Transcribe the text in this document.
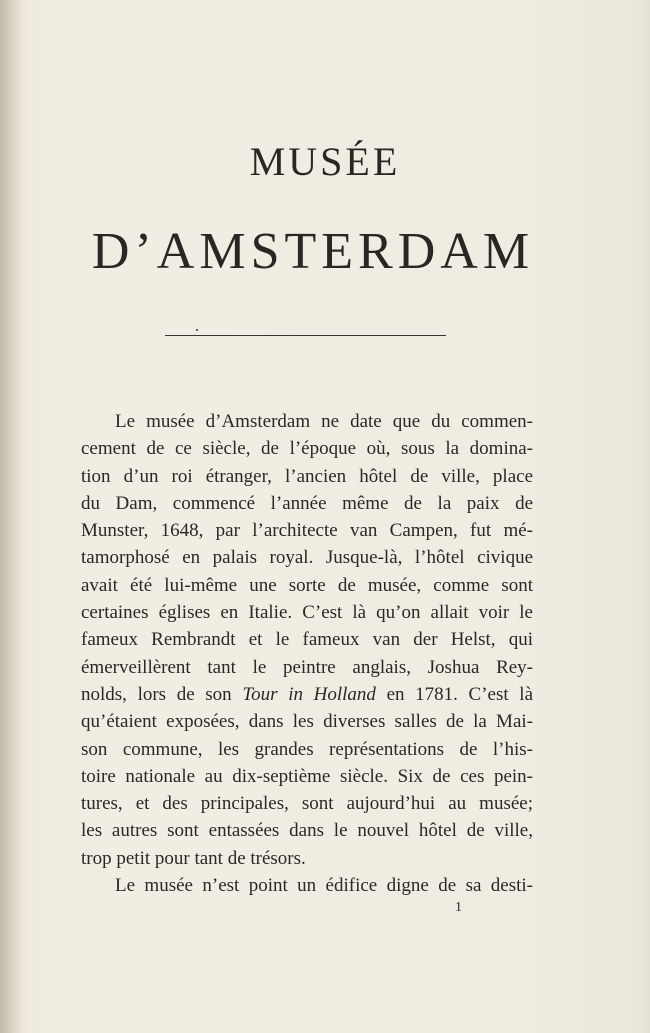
MUSÉE
D’AMSTERDAM
Le musée d’Amsterdam ne date que du commen-
cement de ce siècle, de l’époque où, sous la domina-
tion d’un roi étranger, l’ancien hôtel de ville, place
du Dam, commencé l’année même de la paix de
Munster, 1648, par l’architecte van Campen, fut mé-
tamorphosé en palais royal. Jusque-là, l’hôtel civique
avait été lui-même une sorte de musée, comme sont
certaines églises en Italie. C’est là qu’on allait voir le
fameux Rembrandt et le fameux van der Helst, qui
émerveillèrent tant le peintre anglais, Joshua Rey-
nolds, lors de son Tour in Holland en 1781. C’est là
qu’étaient exposées, dans les diverses salles de la Mai-
son commune, les grandes représentations de l’his-
toire nationale au dix-septième siècle. Six de ces pein-
tures, et des principales, sont aujourd’hui au musée;
les autres sont entassées dans le nouvel hôtel de ville,
trop petit pour tant de trésors.
Le musée n’est point un édifice digne de sa desti-
1
